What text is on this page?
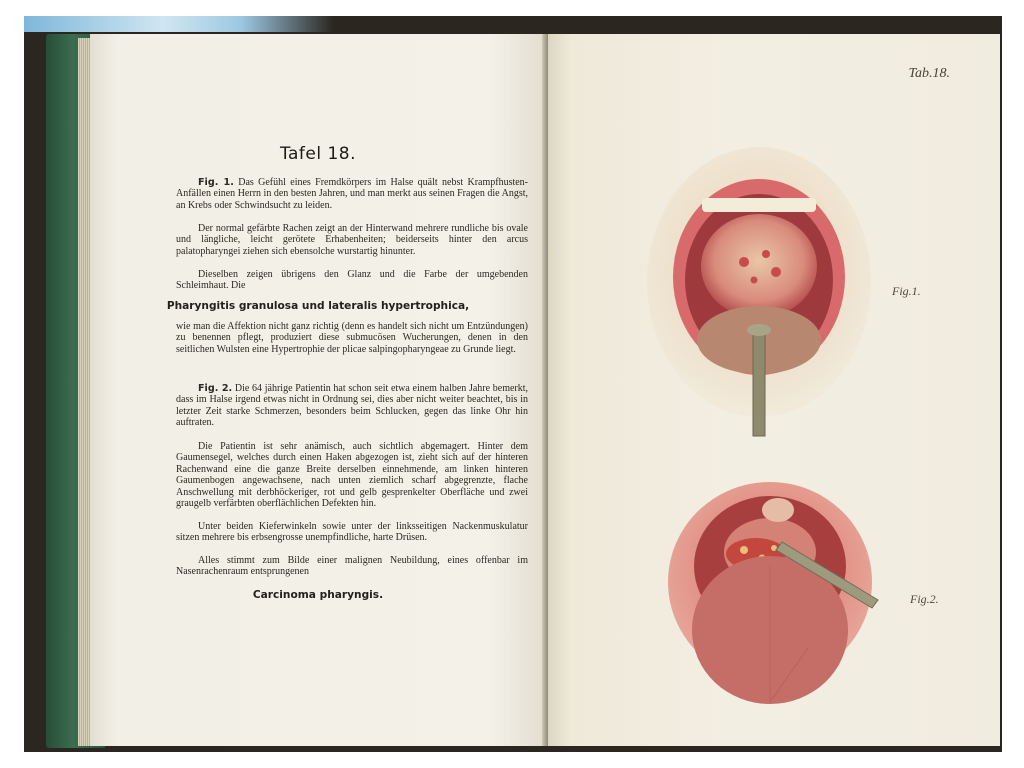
Tafel 18.
Fig. 1. Das Gefühl eines Fremdkörpers im Halse quält nebst Krampfhusten-Anfällen einen Herrn in den besten Jahren, und man merkt aus seinen Fragen die Angst, an Krebs oder Schwindsucht zu leiden.
Der normal gefärbte Rachen zeigt an der Hinterwand mehrere rundliche bis ovale und längliche, leicht gerötete Erhabenheiten; beiderseits hinter den arcus palatopharyngei ziehen sich ebensolche wurstartig hinunter.
Dieselben zeigen übrigens den Glanz und die Farbe der umgebenden Schleimhaut. Die
Pharyngitis granulosa und lateralis hypertrophica,
wie man die Affektion nicht ganz richtig (denn es handelt sich nicht um Entzündungen) zu benennen pflegt, produziert diese submucösen Wucherungen, denen in den seitlichen Wulsten eine Hypertrophie der plicae salpingopharyngeae zu Grunde liegt.
Fig. 2. Die 64 jährige Patientin hat schon seit etwa einem halben Jahre bemerkt, dass im Halse irgend etwas nicht in Ordnung sei, dies aber nicht weiter beachtet, bis in letzter Zeit starke Schmerzen, besonders beim Schlucken, gegen das linke Ohr hin auftraten.
Die Patientin ist sehr anämisch, auch sichtlich abgemagert. Hinter dem Gaumensegel, welches durch einen Haken abgezogen ist, zieht sich auf der hinteren Rachenwand eine die ganze Breite derselben einnehmende, am linken hinteren Gaumenbogen angewachsene, nach unten ziemlich scharf abgegrenzte, flache Anschwellung mit derbhöckeriger, rot und gelb gesprenkelter Oberfläche und zwei graugelb verfärbten oberflächlichen Defekten hin.
Unter beiden Kieferwinkeln sowie unter der linksseitigen Nackenmuskulatur sitzen mehrere bis erbsengrosse unempfindliche, harte Drüsen.
Alles stimmt zum Bilde einer malignen Neubildung, eines offenbar im Nasenrachenraum entsprungenen
Carcinoma pharyngis.
Tab.18.
Fig.1.
Fig.2.
